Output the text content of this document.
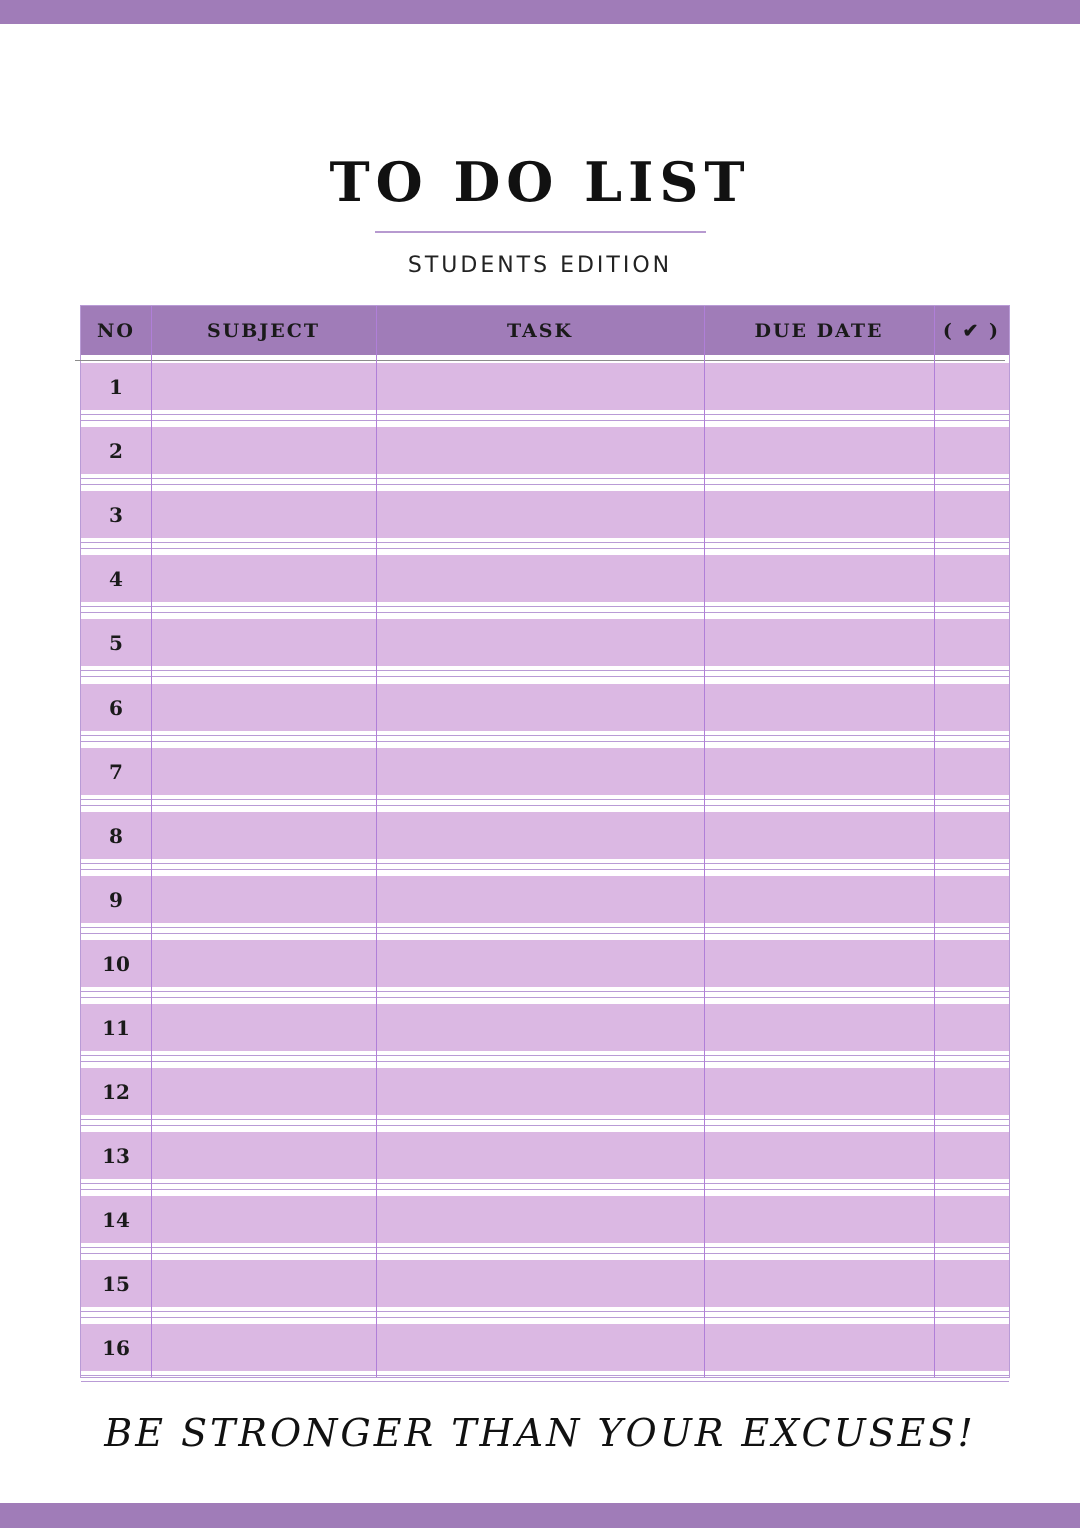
TO DO LIST
STUDENTS EDITION
NO	SUBJECT	TASK	DUE DATE	( ✔ )
1
2
3
4
5
6
7
8
9
10
11
12
13
14
15
16
BE STRONGER THAN YOUR EXCUSES!
